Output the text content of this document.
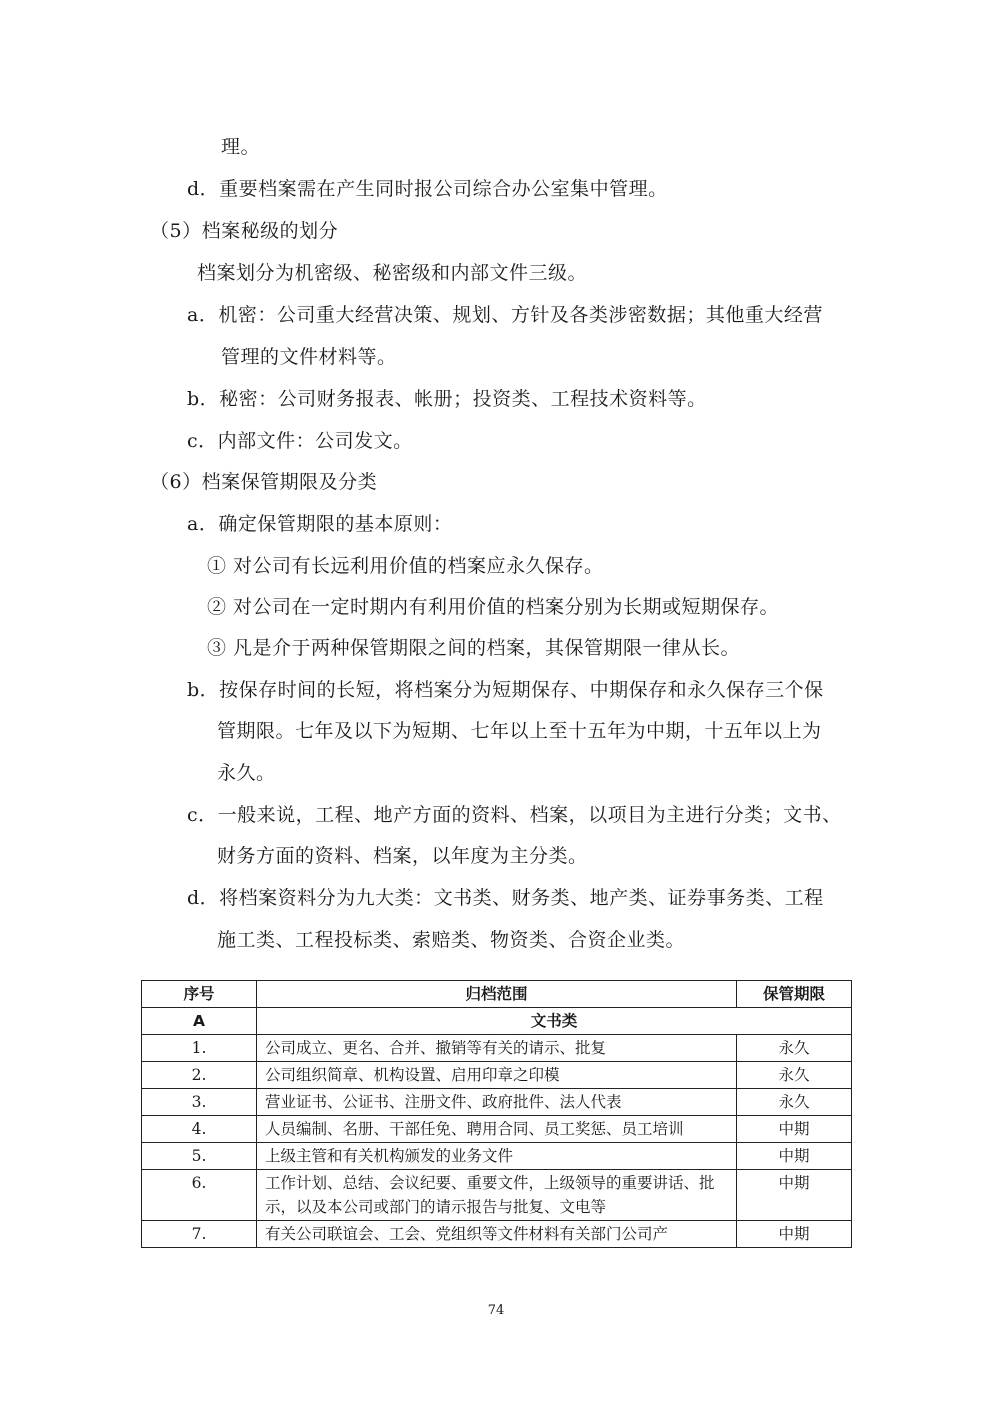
理。
d．重要档案需在产生同时报公司综合办公室集中管理。
（5）档案秘级的划分
档案划分为机密级、秘密级和内部文件三级。
a．机密：公司重大经营决策、规划、方针及各类涉密数据；其他重大经营
管理的文件材料等。
b．秘密：公司财务报表、帐册；投资类、工程技术资料等。
c．内部文件：公司发文。
（6）档案保管期限及分类
a．确定保管期限的基本原则：
① 对公司有长远利用价值的档案应永久保存。
② 对公司在一定时期内有利用价值的档案分别为长期或短期保存。
③ 凡是介于两种保管期限之间的档案，其保管期限一律从长。
b．按保存时间的长短，将档案分为短期保存、中期保存和永久保存三个保
管期限。七年及以下为短期、七年以上至十五年为中期，十五年以上为
永久。
c．一般来说，工程、地产方面的资料、档案，以项目为主进行分类；文书、
财务方面的资料、档案，以年度为主分类。
d．将档案资料分为九大类：文书类、财务类、地产类、证券事务类、工程
施工类、工程投标类、索赔类、物资类、合资企业类。
序号	归档范围	保管期限
A	文书类	
1.	公司成立、更名、合并、撤销等有关的请示、批复	永久
2.	公司组织简章、机构设置、启用印章之印模	永久
3.	营业证书、公证书、注册文件、政府批件、法人代表	永久
4.	人员编制、名册、干部任免、聘用合同、员工奖惩、员工培训	中期
5.	上级主管和有关机构颁发的业务文件	中期
6.	工作计划、总结、会议纪要、重要文件，上级领导的重要讲话、批示，以及本公司或部门的请示报告与批复、文电等	中期
7.	有关公司联谊会、工会、党组织等文件材料有关部门公司产	中期
74
